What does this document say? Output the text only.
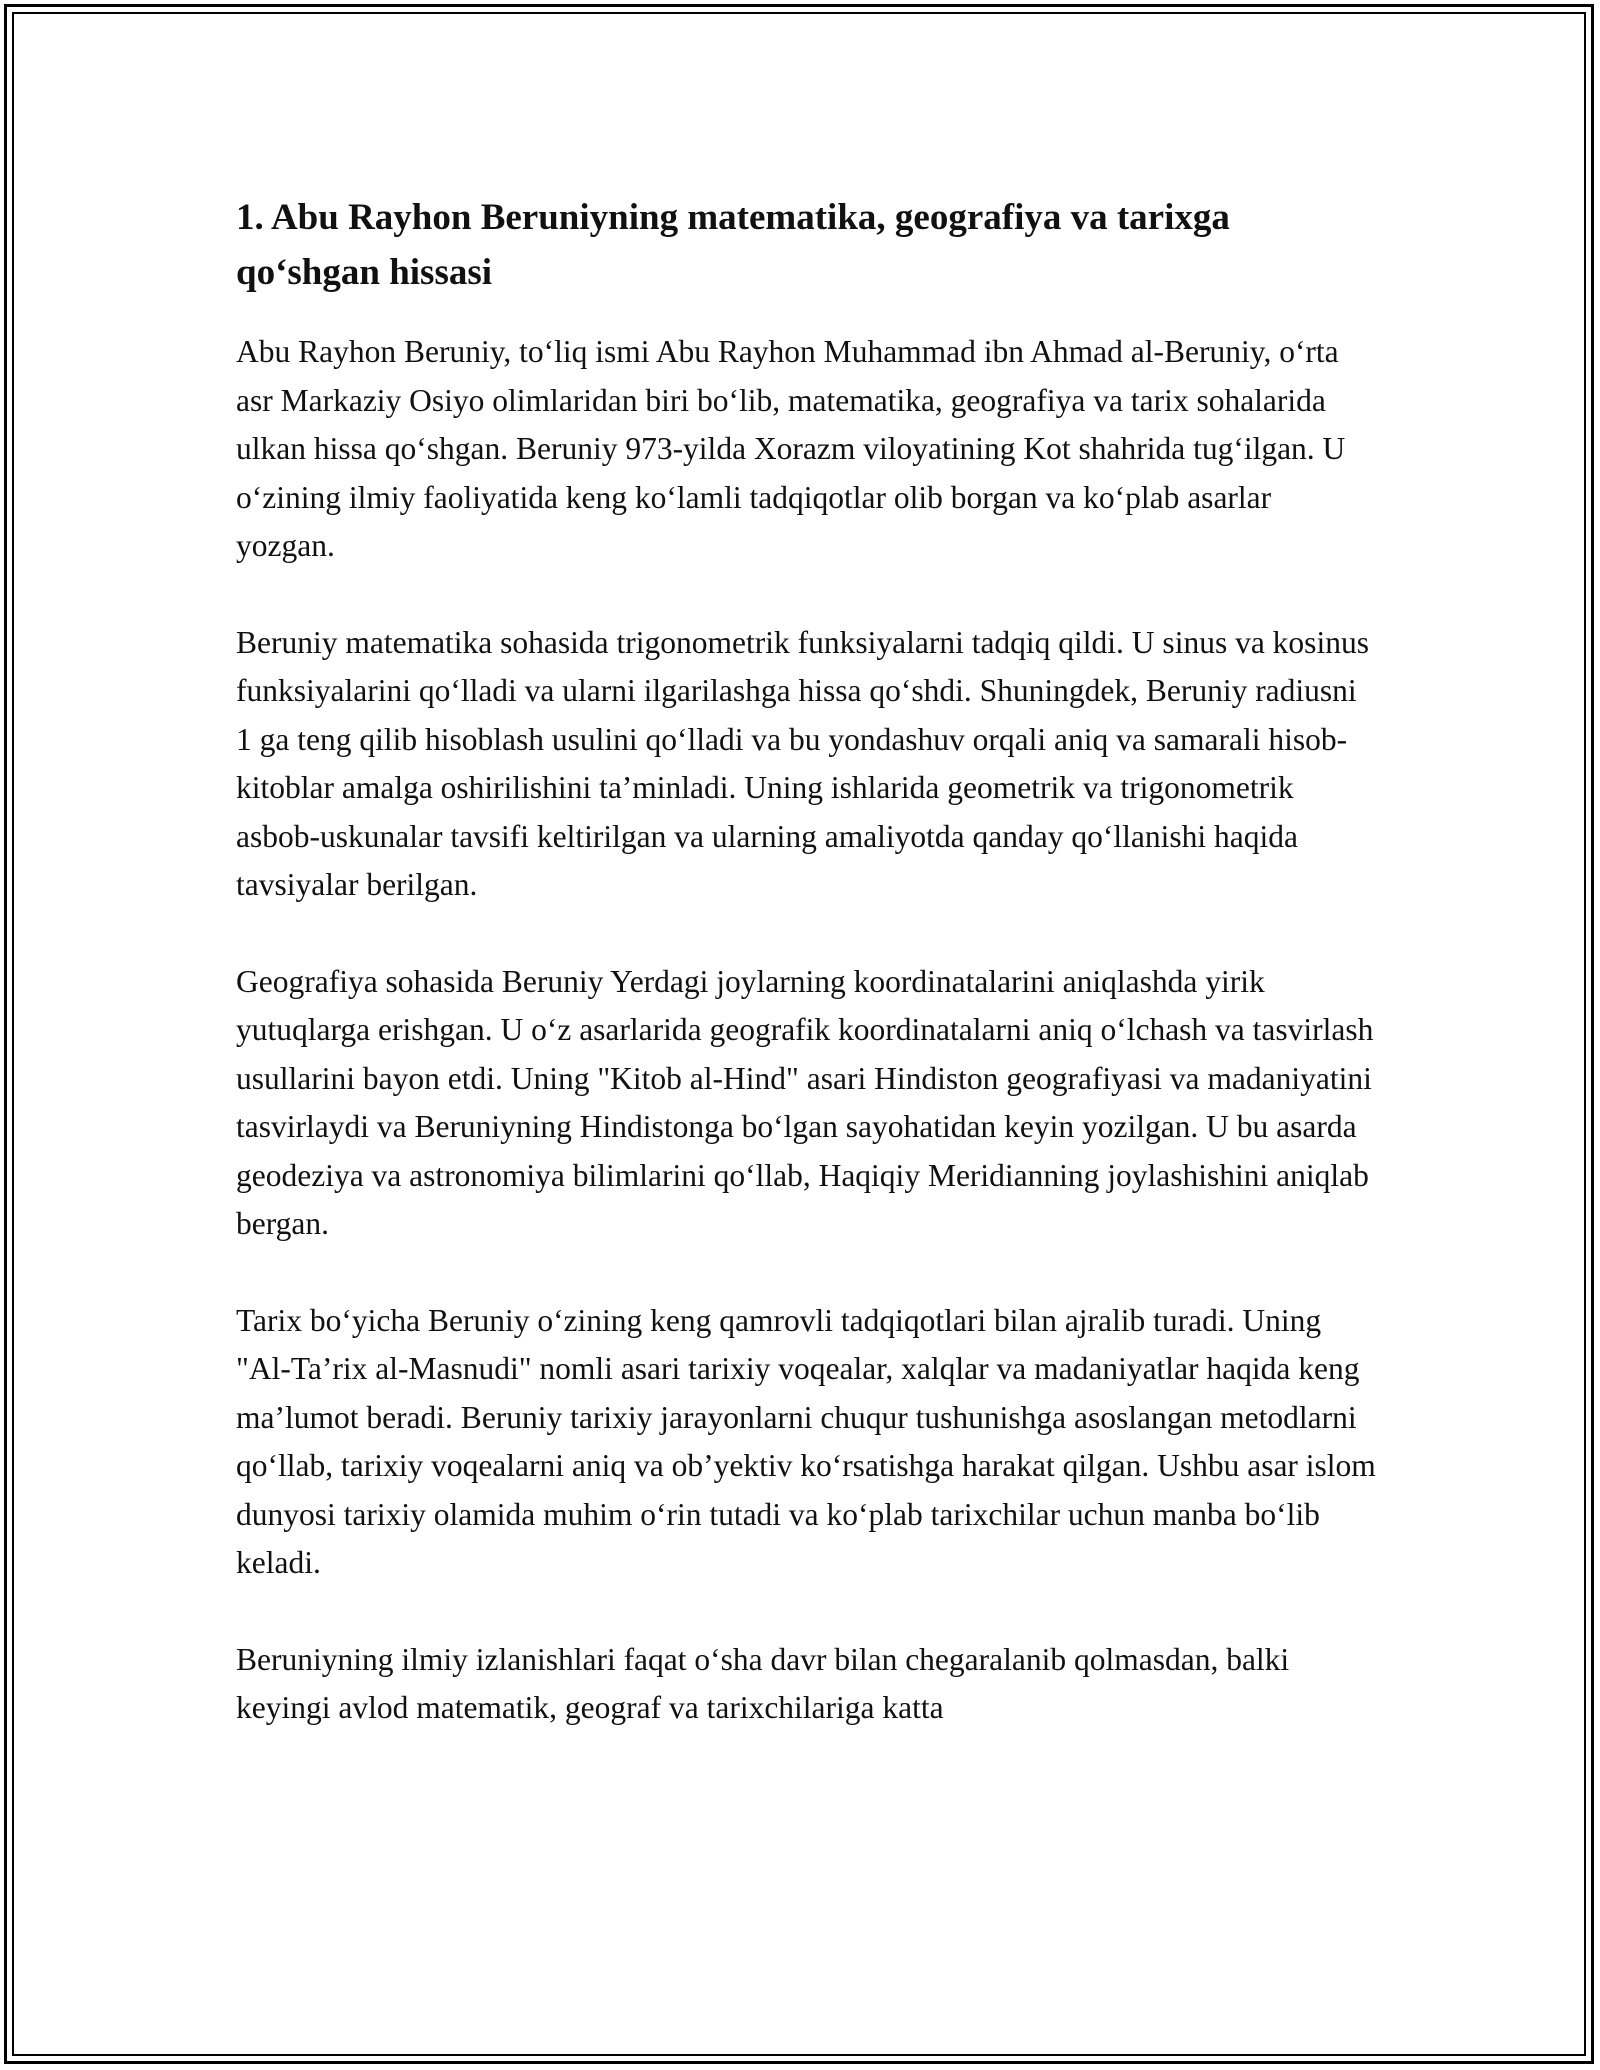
1. Abu Rayhon Beruniyning matematika, geografiya va tarixga qo‘shgan hissasi

Abu Rayhon Beruniy, to‘liq ismi Abu Rayhon Muhammad ibn Ahmad al-Beruniy, o‘rta asr Markaziy Osiyo olimlaridan biri bo‘lib, matematika, geografiya va tarix sohalarida ulkan hissa qo‘shgan. Beruniy 973-yilda Xorazm viloyatining Kot shahrida tug‘ilgan. U o‘zining ilmiy faoliyatida keng ko‘lamli tadqiqotlar olib borgan va ko‘plab asarlar yozgan.

Beruniy matematika sohasida trigonometrik funksiyalarni tadqiq qildi. U sinus va kosinus funksiyalarini qo‘lladi va ularni ilgarilashga hissa qo‘shdi. Shuningdek, Beruniy radiusni 1 ga teng qilib hisoblash usulini qo‘lladi va bu yondashuv orqali aniq va samarali hisob-kitoblar amalga oshirilishini ta’minladi. Uning ishlarida geometrik va trigonometrik asbob-uskunalar tavsifi keltirilgan va ularning amaliyotda qanday qo‘llanishi haqida tavsiyalar berilgan.

Geografiya sohasida Beruniy Yerdagi joylarning koordinatalarini aniqlashda yirik yutuqlarga erishgan. U o‘z asarlarida geografik koordinatalarni aniq o‘lchash va tasvirlash usullarini bayon etdi. Uning "Kitob al-Hind" asari Hindiston geografiyasi va madaniyatini tasvirlaydi va Beruniyning Hindistonga bo‘lgan sayohatidan keyin yozilgan. U bu asarda geodeziya va astronomiya bilimlarini qo‘llab, Haqiqiy Meridianning joylashishini aniqlab bergan.

Tarix bo‘yicha Beruniy o‘zining keng qamrovli tadqiqotlari bilan ajralib turadi. Uning "Al-Ta’rix al-Masnudi" nomli asari tarixiy voqealar, xalqlar va madaniyatlar haqida keng ma’lumot beradi. Beruniy tarixiy jarayonlarni chuqur tushunishga asoslangan metodlarni qo‘llab, tarixiy voqealarni aniq va ob’yektiv ko‘rsatishga harakat qilgan. Ushbu asar islom dunyosi tarixiy olamida muhim o‘rin tutadi va ko‘plab tarixchilar uchun manba bo‘lib keladi.

Beruniyning ilmiy izlanishlari faqat o‘sha davr bilan chegaralanib qolmasdan, balki keyingi avlod matematik, geograf va tarixchilariga katta
